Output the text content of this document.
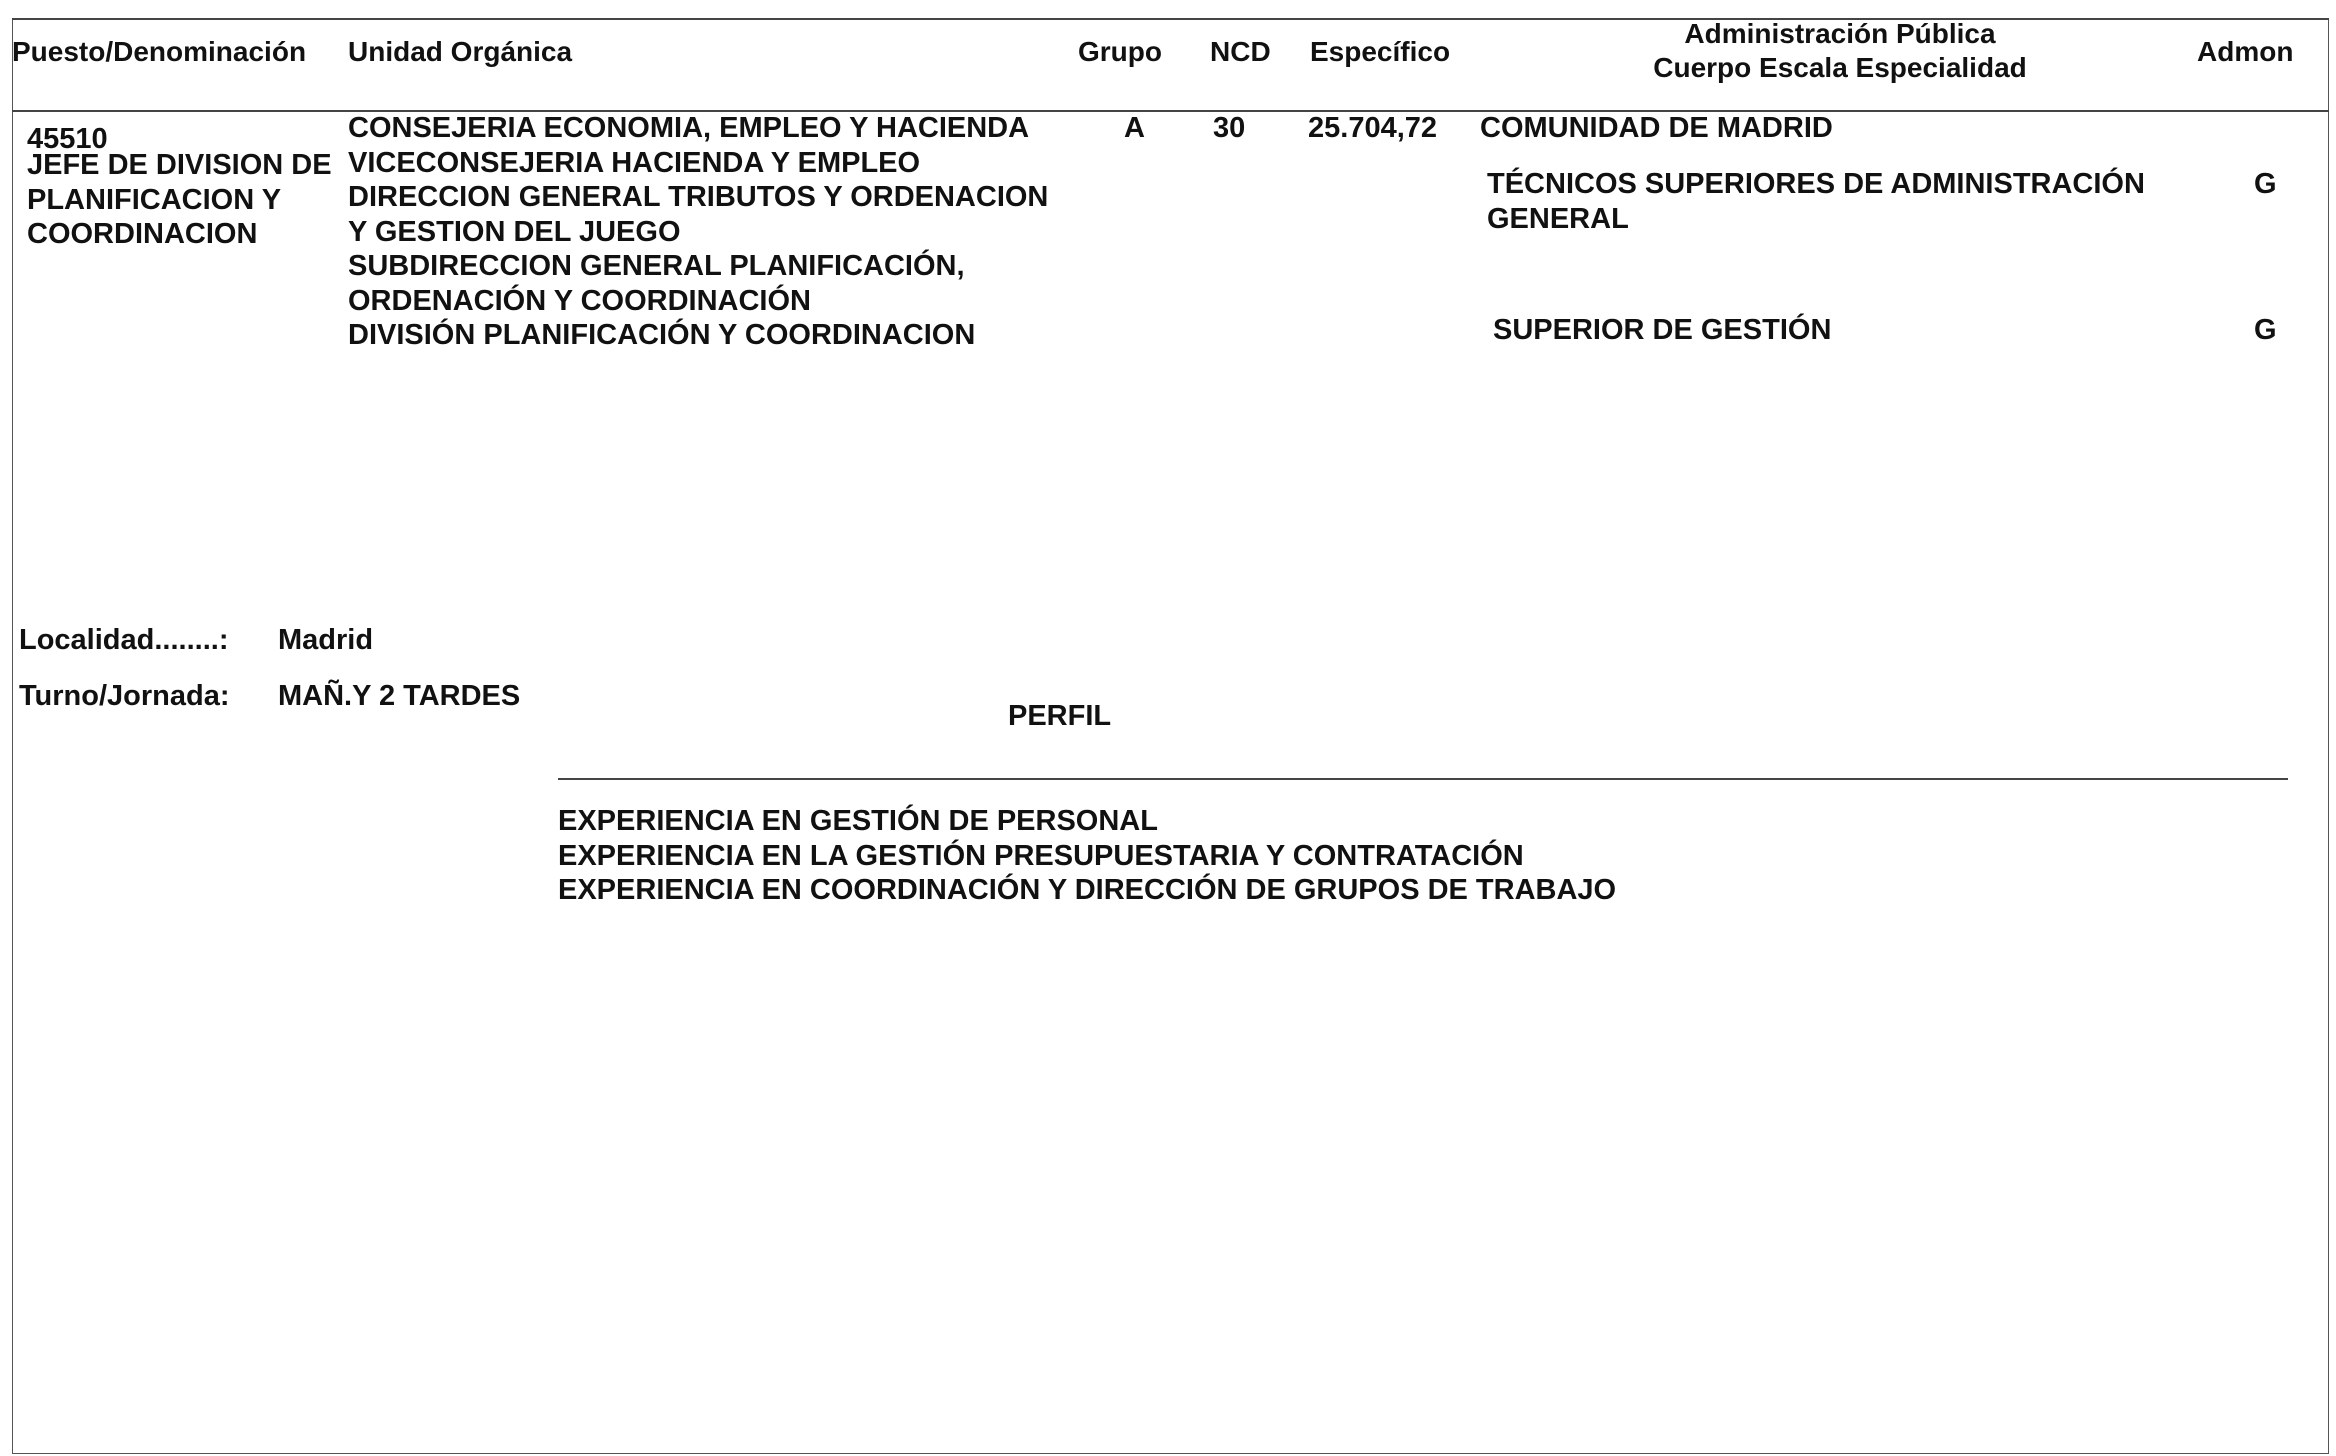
Puesto/Denominación Unidad Orgánica	Grupo NCD Específico
Administración Pública
Cuerpo Escala Especialidad
Admon
45510
JEFE DE DIVISION DE
PLANIFICACION Y
COORDINACION
CONSEJERIA ECONOMIA, EMPLEO Y HACIENDA
VICECONSEJERIA HACIENDA Y EMPLEO
DIRECCION GENERAL TRIBUTOS Y ORDENACION
Y GESTION DEL JUEGO
SUBDIRECCION GENERAL PLANIFICACIÓN,
ORDENACIÓN Y COORDINACIÓN
DIVISIÓN PLANIFICACIÓN Y COORDINACION
A 30 25.704,72 COMUNIDAD DE MADRID
TÉCNICOS SUPERIORES DE ADMINISTRACIÓN
GENERAL
SUPERIOR DE GESTIÓN
G
G
Localidad........: Madrid
Turno/Jornada: MAÑ.Y 2 TARDES
PERFIL
EXPERIENCIA EN GESTIÓN DE PERSONAL
EXPERIENCIA EN LA GESTIÓN PRESUPUESTARIA Y CONTRATACIÓN
EXPERIENCIA EN COORDINACIÓN Y DIRECCIÓN DE GRUPOS DE TRABAJO
